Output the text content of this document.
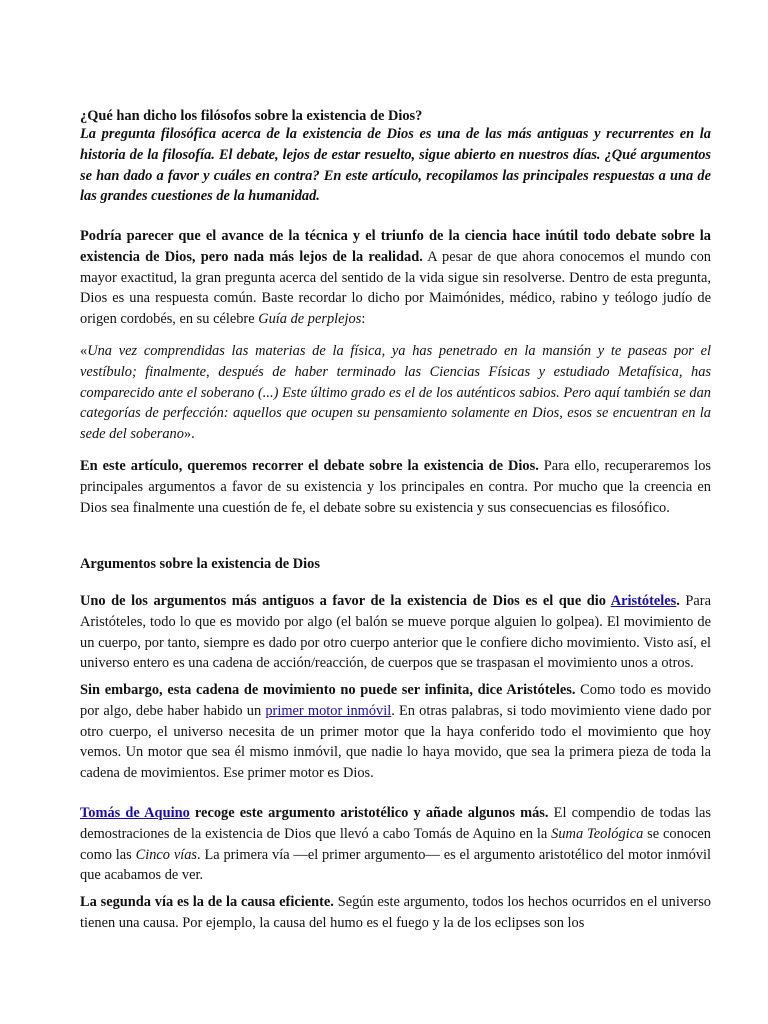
¿Qué han dicho los filósofos sobre la existencia de Dios?

La pregunta filosófica acerca de la existencia de Dios es una de las más antiguas y recurrentes en la historia de la filosofía. El debate, lejos de estar resuelto, sigue abierto en nuestros días. ¿Qué argumentos se han dado a favor y cuáles en contra? En este artículo, recopilamos las principales respuestas a una de las grandes cuestiones de la humanidad.

Podría parecer que el avance de la técnica y el triunfo de la ciencia hace inútil todo debate sobre la existencia de Dios, pero nada más lejos de la realidad. A pesar de que ahora conocemos el mundo con mayor exactitud, la gran pregunta acerca del sentido de la vida sigue sin resolverse. Dentro de esta pregunta, Dios es una respuesta común. Baste recordar lo dicho por Maimónides, médico, rabino y teólogo judío de origen cordobés, en su célebre Guía de perplejos:

«Una vez comprendidas las materias de la física, ya has penetrado en la mansión y te paseas por el vestíbulo; finalmente, después de haber terminado las Ciencias Físicas y estudiado Metafísica, has comparecido ante el soberano (...) Este último grado es el de los auténticos sabios. Pero aquí también se dan categorías de perfección: aquellos que ocupen su pensamiento solamente en Dios, esos se encuentran en la sede del soberano».

En este artículo, queremos recorrer el debate sobre la existencia de Dios. Para ello, recuperaremos los principales argumentos a favor de su existencia y los principales en contra. Por mucho que la creencia en Dios sea finalmente una cuestión de fe, el debate sobre su existencia y sus consecuencias es filosófico.

Argumentos sobre la existencia de Dios

Uno de los argumentos más antiguos a favor de la existencia de Dios es el que dio Aristóteles. Para Aristóteles, todo lo que es movido por algo (el balón se mueve porque alguien lo golpea). El movimiento de un cuerpo, por tanto, siempre es dado por otro cuerpo anterior que le confiere dicho movimiento. Visto así, el universo entero es una cadena de acción/reacción, de cuerpos que se traspasan el movimiento unos a otros.

Sin embargo, esta cadena de movimiento no puede ser infinita, dice Aristóteles. Como todo es movido por algo, debe haber habido un primer motor inmóvil. En otras palabras, si todo movimiento viene dado por otro cuerpo, el universo necesita de un primer motor que la haya conferido todo el movimiento que hoy vemos. Un motor que sea él mismo inmóvil, que nadie lo haya movido, que sea la primera pieza de toda la cadena de movimientos. Ese primer motor es Dios.

Tomás de Aquino recoge este argumento aristotélico y añade algunos más. El compendio de todas las demostraciones de la existencia de Dios que llevó a cabo Tomás de Aquino en la Suma Teológica se conocen como las Cinco vías. La primera vía —el primer argumento— es el argumento aristotélico del motor inmóvil que acabamos de ver.

La segunda vía es la de la causa eficiente. Según este argumento, todos los hechos ocurridos en el universo tienen una causa. Por ejemplo, la causa del humo es el fuego y la de los eclipses son los
